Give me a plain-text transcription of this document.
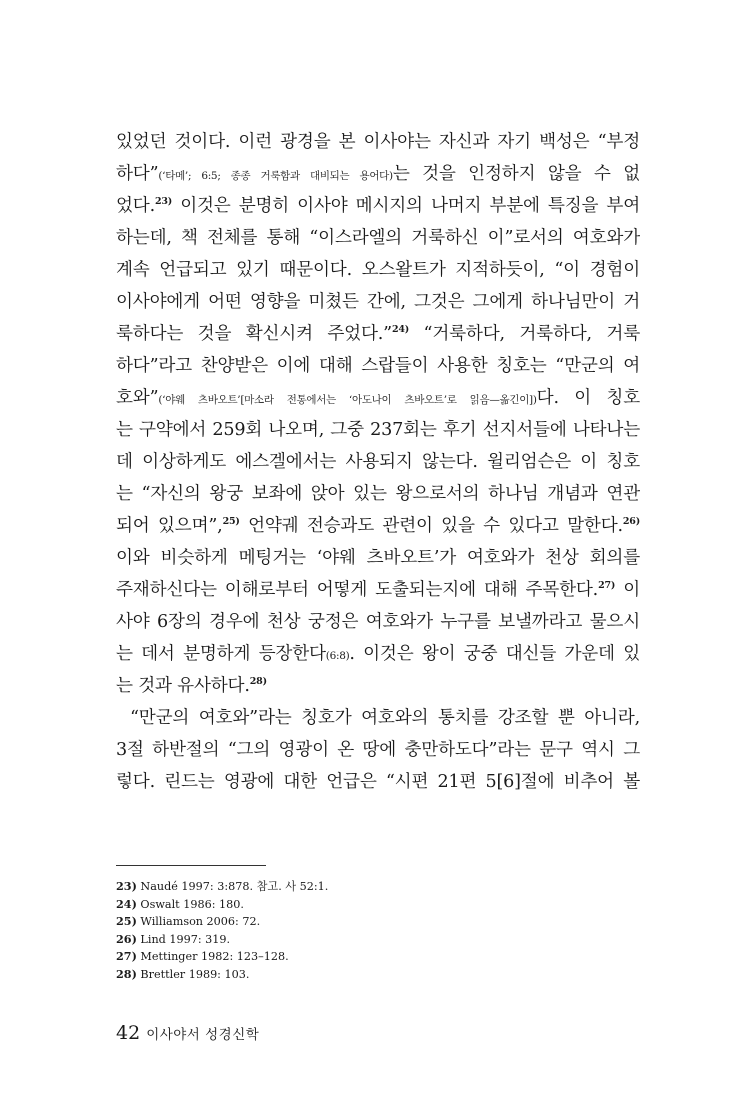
있었던 것이다. 이런 광경을 본 이사야는 자신과 자기 백성은 “부정
하다”(‘타메’; 6:5; 종종 거룩함과 대비되는 용어다)는 것을 인정하지 않을 수 없
었다.$^{23)}$ 이것은 분명히 이사야 메시지의 나머지 부분에 특징을 부여
하는데, 책 전체를 통해 “이스라엘의 거룩하신 이”로서의 여호와가
계속 언급되고 있기 때문이다. 오스왈트가 지적하듯이, “이 경험이
이사야에게 어떤 영향을 미쳤든 간에, 그것은 그에게 하나님만이 거
룩하다는 것을 확신시켜 주었다.”$^{24)}$ “거룩하다, 거룩하다, 거룩
하다”라고 찬양받은 이에 대해 스랍들이 사용한 칭호는 “만군의 여
호와”(‘야웨 츠바오트’[마소라 전통에서는 ‘아도나이 츠바오트’로 읽음—옮긴이])다. 이 칭호
는 구약에서 259회 나오며, 그중 237회는 후기 선지서들에 나타나는
데 이상하게도 에스겔에서는 사용되지 않는다. 윌리엄슨은 이 칭호
는 “자신의 왕궁 보좌에 앉아 있는 왕으로서의 하나님 개념과 연관
되어 있으며”,$^{25)}$ 언약궤 전승과도 관련이 있을 수 있다고 말한다.$^{26)}$
이와 비슷하게 메팅거는 ‘야웨 츠바오트’가 여호와가 천상 회의를
주재하신다는 이해로부터 어떻게 도출되는지에 대해 주목한다.$^{27)}$ 이
사야 6장의 경우에 천상 궁정은 여호와가 누구를 보낼까라고 물으시
는 데서 분명하게 등장한다(6:8). 이것은 왕이 궁중 대신들 가운데 있
는 것과 유사하다.$^{28)}$
“만군의 여호와”라는 칭호가 여호와의 통치를 강조할 뿐 아니라,
3절 하반절의 “그의 영광이 온 땅에 충만하도다”라는 문구 역시 그
렇다. 린드는 영광에 대한 언급은 “시편 21편 5[6]절에 비추어 볼
23) Naudé 1997: 3:878. 참고. 사 52:1.
24) Oswalt 1986: 180.
25) Williamson 2006: 72.
26) Lind 1997: 319.
27) Mettinger 1982: 123–128.
28) Brettler 1989: 103.
42 이사야서 성경신학
